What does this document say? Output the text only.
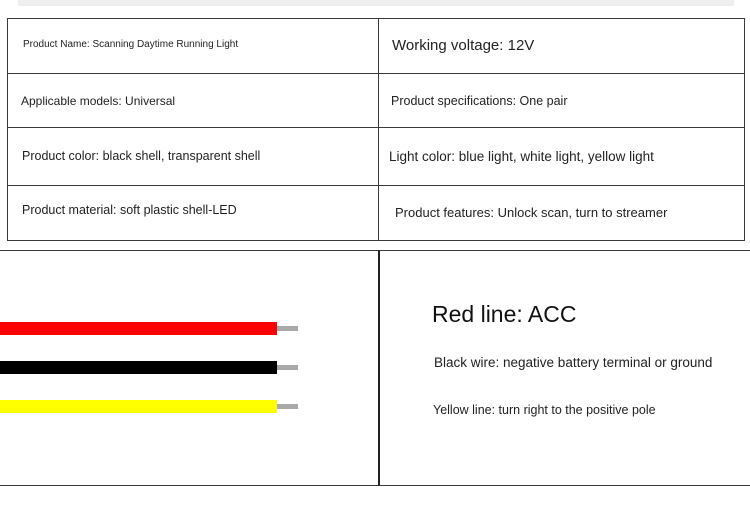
Product Name: Scanning Daytime Running Light	Working voltage: 12V
Applicable models: Universal	Product specifications: One pair
Product color: black shell, transparent shell	Light color: blue light, white light, yellow light
Product material: soft plastic shell-LED	Product features: Unlock scan, turn to streamer
Red line: ACC
Black wire: negative battery terminal or ground
Yellow line: turn right to the positive pole
